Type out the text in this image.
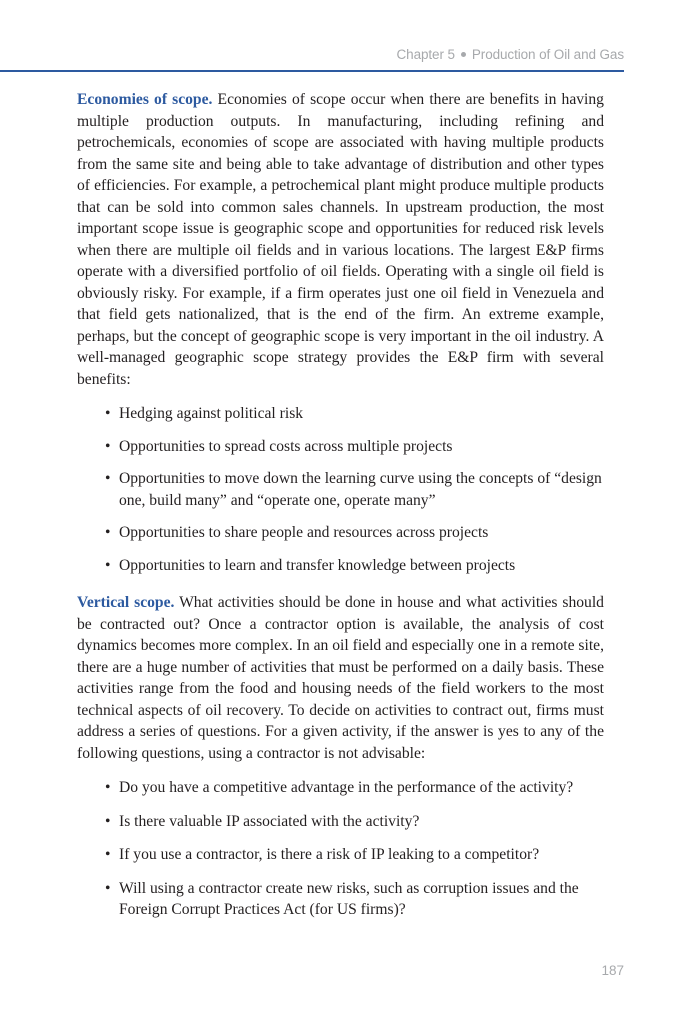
Chapter 5 Production of Oil and Gas

Economies of scope. Economies of scope occur when there are benefits in having multiple production outputs. In manufacturing, including refining and petrochemicals, economies of scope are associated with having multiple products from the same site and being able to take advantage of distribution and other types of efficiencies. For example, a petrochemical plant might produce multiple products that can be sold into common sales channels. In upstream production, the most important scope issue is geographic scope and opportunities for reduced risk levels when there are multiple oil fields and in various locations. The largest E&P firms operate with a diversified portfolio of oil fields. Operating with a single oil field is obviously risky. For example, if a firm operates just one oil field in Venezuela and that field gets nationalized, that is the end of the firm. An extreme example, perhaps, but the concept of geographic scope is very important in the oil industry. A well-managed geographic scope strategy provides the E&P firm with several benefits:

• Hedging against political risk
• Opportunities to spread costs across multiple projects
• Opportunities to move down the learning curve using the concepts of “design one, build many” and “operate one, operate many”
• Opportunities to share people and resources across projects
• Opportunities to learn and transfer knowledge between projects

Vertical scope. What activities should be done in house and what activities should be contracted out? Once a contractor option is available, the analysis of cost dynamics becomes more complex. In an oil field and especially one in a remote site, there are a huge number of activities that must be performed on a daily basis. These activities range from the food and housing needs of the field workers to the most technical aspects of oil recovery. To decide on activities to contract out, firms must address a series of questions. For a given activity, if the answer is yes to any of the following questions, using a contractor is not advisable:

• Do you have a competitive advantage in the performance of the activity?
• Is there valuable IP associated with the activity?
• If you use a contractor, is there a risk of IP leaking to a competitor?
• Will using a contractor create new risks, such as corruption issues and the Foreign Corrupt Practices Act (for US firms)?
187
